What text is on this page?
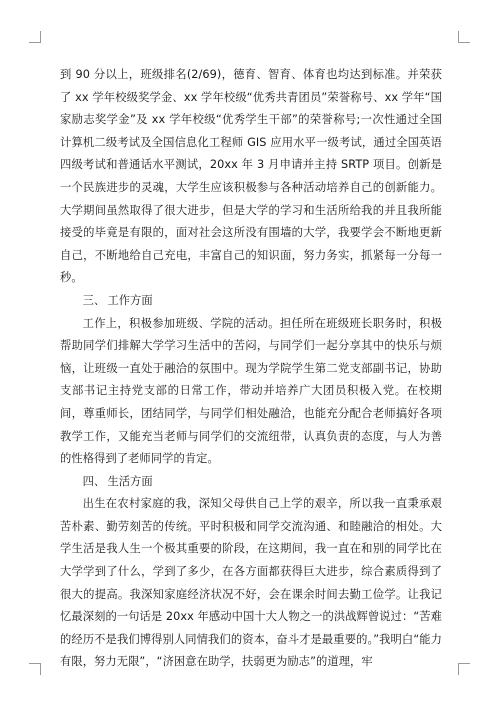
到 90 分以上，班级排名(2/69)，德育、智育、体育也均达到标准。并荣获了 xx 学年校级奖学金、xx 学年校级“优秀共青团员”荣誉称号、xx 学年“国家励志奖学金”及 xx 学年校级“优秀学生干部”的荣誉称号;一次性通过全国计算机二级考试及全国信息化工程师 GIS 应用水平一级考试，通过全国英语四级考试和普通话水平测试，20xx 年 3 月申请并主持 SRTP 项目。创新是一个民族进步的灵魂，大学生应该积极参与各种活动培养自己的创新能力。大学期间虽然取得了很大进步，但是大学的学习和生活所给我的并且我所能接受的毕竟是有限的，面对社会这所没有围墙的大学，我要学会不断地更新自己，不断地给自己充电，丰富自己的知识面，努力务实，抓紧每一分每一秒。

三、 工作方面

工作上，积极参加班级、学院的活动。担任所在班级班长职务时，积极帮助同学们排解大学学习生活中的苦闷，与同学们一起分享其中的快乐与烦恼，让班级一直处于融洽的氛围中。现为学院学生第二党支部副书记，协助支部书记主持党支部的日常工作，带动并培养广大团员积极入党。在校期间，尊重师长，团结同学，与同学们相处融洽，也能充分配合老师搞好各项教学工作，又能充当老师与同学们的交流纽带，认真负责的态度，与人为善的性格得到了老师同学的肯定。

四、 生活方面

出生在农村家庭的我，深知父母供自己上学的艰辛，所以我一直秉承艰苦朴素、勤劳刻苦的传统。平时积极和同学交流沟通、和睦融洽的相处。大学生活是我人生一个极其重要的阶段，在这期间，我一直在和别的同学比在大学学到了什么，学到了多少，在各方面都获得巨大进步，综合素质得到了很大的提高。我深知家庭经济状况不好，会在课余时间去勤工俭学。让我记忆最深刻的一句话是 20xx 年感动中国十大人物之一的洪战辉曾说过：“苦难的经历不是我们博得别人同情我们的资本，奋斗才是最重要的。”我明白“能力有限，努力无限”，“济困意在助学，扶弱更为励志”的道理，牢
